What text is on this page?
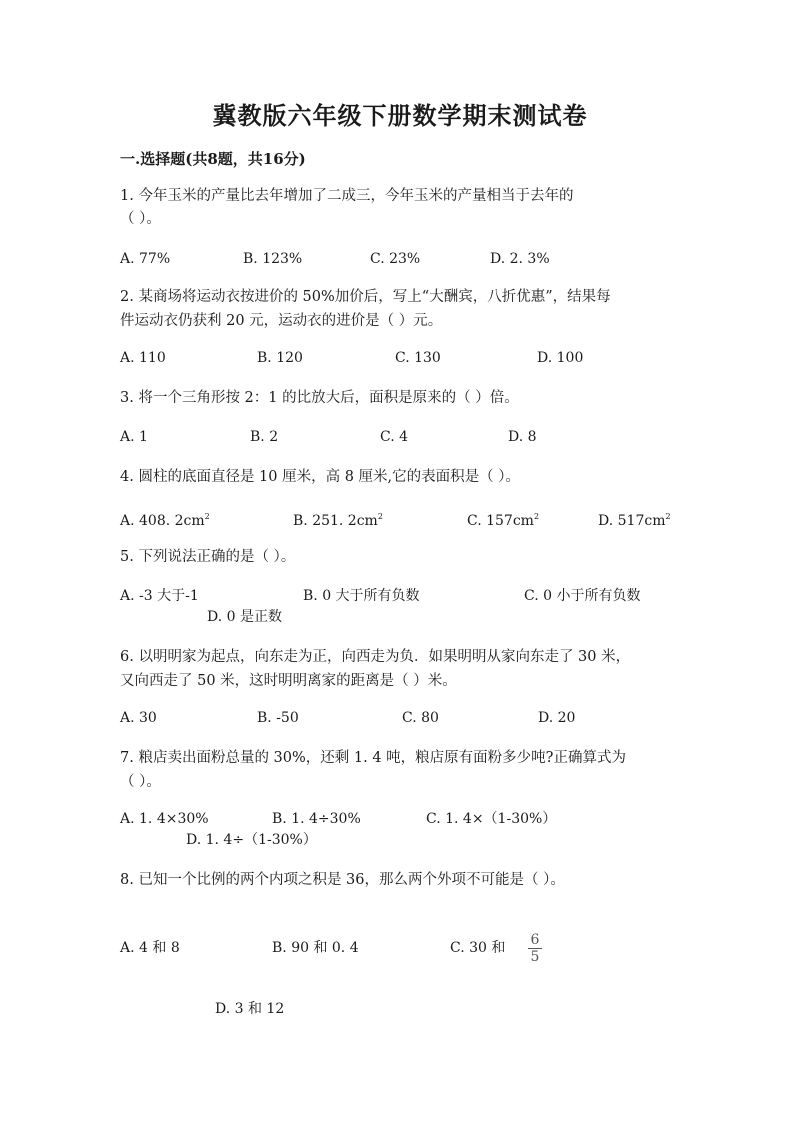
冀教版六年级下册数学期末测试卷
一.选择题(共8题，共16分)
1. 今年玉米的产量比去年增加了二成三，今年玉米的产量相当于去年的
（ ）。
A. 77%	B. 123%	C. 23%	D. 2. 3%
2. 某商场将运动衣按进价的 50%加价后，写上“大酬宾，八折优惠”，结果每
件运动衣仍获利 20 元，运动衣的进价是（ ）元。
A. 110	B. 120	C. 130	D. 100
3. 将一个三角形按 2：1 的比放大后，面积是原来的（ ）倍。
A. 1	B. 2	C. 4	D. 8
4. 圆柱的底面直径是 10 厘米，高 8 厘米,它的表面积是（ ）。
A. 408. $2cm^2$	B. 251. $2cm^2$	C. $157cm^2$	D. $517cm^2$
5. 下列说法正确的是（ ）。
A. -3 大于-1	B. 0 大于所有负数	C. 0 小于所有负数
D. 0 是正数
6. 以明明家为起点，向东走为正，向西走为负．如果明明从家向东走了 30 米，
又向西走了 50 米，这时明明离家的距离是（ ）米。
A. 30	B. -50	C. 80	D. 20
7. 粮店卖出面粉总量的 30%，还剩 1. 4 吨，粮店原有面粉多少吨?正确算式为
（ ）。
A. 1. 4×30%	B. 1. 4÷30%	C. 1. 4×（1-30%）
D. 1. 4÷（1-30%）
8. 已知一个比例的两个内项之积是 36，那么两个外项不可能是（ ）。
A. 4 和 8	B. 90 和 0. 4	C. 30 和 6
5
D. 3 和 12
